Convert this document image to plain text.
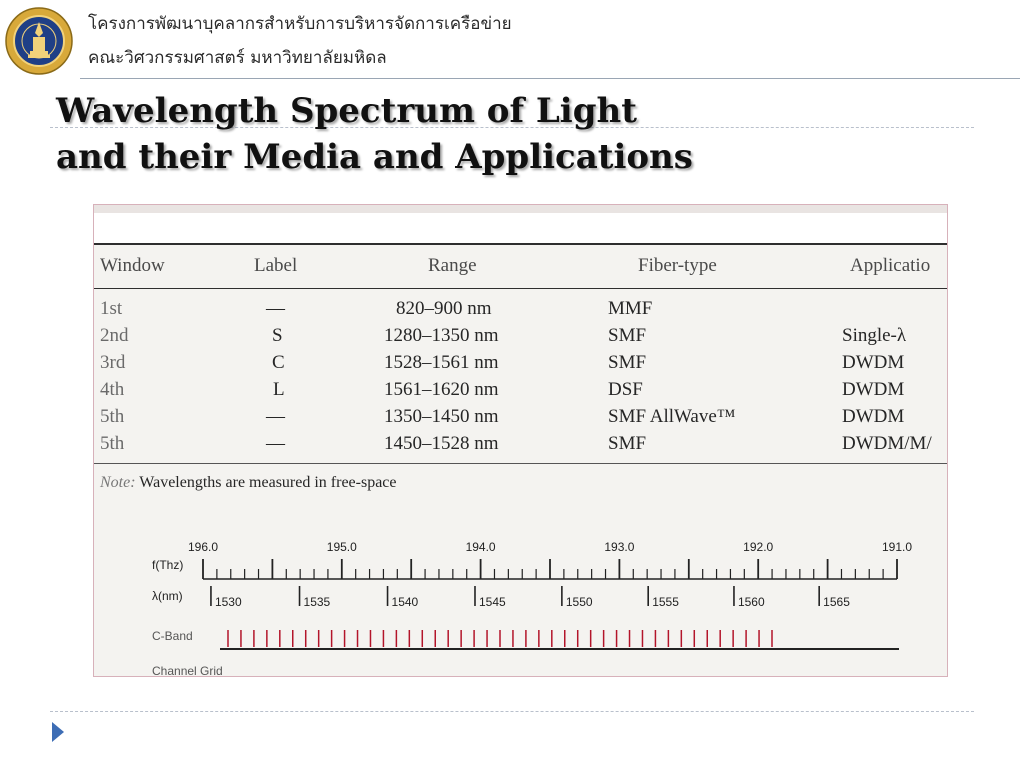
โครงการพัฒนาบุคลากรสำหรับการบริหารจัดการเครือข่าย
คณะวิศวกรรมศาสตร์ มหาวิทยาลัยมหิดล
Wavelength Spectrum of Light
and their Media and Applications
Window	Label	Range	Fiber-type	Applicatio
1st	—	820–900 nm	MMF
2nd	S	1280–1350 nm	SMF	Single-λ
3rd	C	1528–1561 nm	SMF	DWDM
4th	L	1561–1620 nm	DSF	DWDM
5th	—	1350–1450 nm	SMF AllWave™	DWDM
5th	—	1450–1528 nm	SMF	DWDM/M/
Note: Wavelengths are measured in free-space
196.0	195.0	194.0	193.0	192.0	191.0
f(Thz)
λ(nm)	1530	1535	1540	1545	1550	1555	1560	1565
C-Band
Channel Grid
